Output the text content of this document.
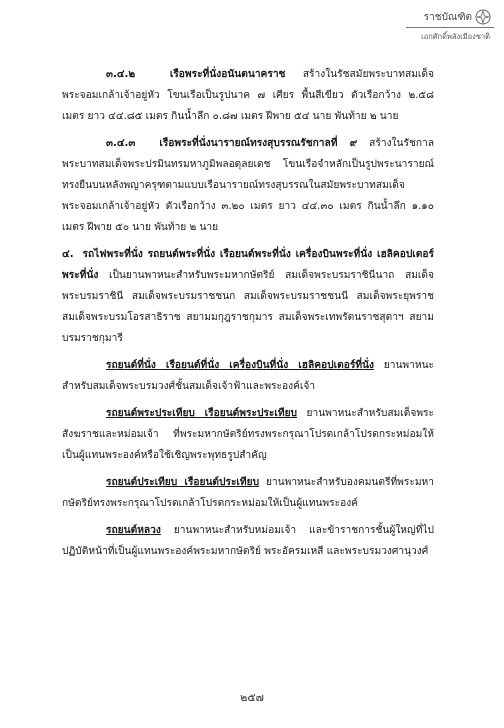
ราชบัณฑิต
เอกศักดิ์พลังเมืองชาติ

๓.๔.๒	เรือพระที่นั่งอนันตนาคราช สร้างในรัชสมัยพระบาทสมเด็จพระจอมเกล้าเจ้าอยู่หัว โขนเรือเป็นรูปนาค ๗ เศียร พื้นสีเขียว ตัวเรือกว้าง ๒.๕๘ เมตร ยาว ๔๔.๘๕ เมตร กินน้ำลึก ๐.๘๗ เมตร ฝีพาย ๕๔ นาย พันท้าย ๒ นาย

๓.๔.๓ เรือพระที่นั่งนารายณ์ทรงสุบรรณรัชกาลที่ ๙ สร้างในรัชกาลพระบาทสมเด็จพระปรมินทรมหาภูมิพลอดุลยเดช โขนเรือจำหลักเป็นรูปพระนารายณ์ทรงยืนบนหลังพญาครุฑตามแบบเรือนารายณ์ทรงสุบรรณในสมัยพระบาทสมเด็จพระจอมเกล้าเจ้าอยู่หัว ตัวเรือกว้าง ๓.๒๐ เมตร ยาว ๔๔.๓๐ เมตร กินน้ำลึก ๑.๑๐ เมตร ฝีพาย ๕๐ นาย พันท้าย ๒ นาย

๔. รถไฟพระที่นั่ง รถยนต์พระที่นั่ง เรือยนต์พระที่นั่ง เครื่องบินพระที่นั่ง เฮลิคอปเตอร์พระที่นั่ง เป็นยานพาหนะสำหรับพระมหากษัตริย์ สมเด็จพระบรมราชินีนาถ สมเด็จพระบรมราชินี สมเด็จพระบรมราชชนก สมเด็จพระบรมราชชนนี สมเด็จพระยุพราช สมเด็จพระบรมโอรสาธิราช สยามมกุฎราชกุมาร สมเด็จพระเทพรัตนราชสุดาฯ สยามบรมราชกุมารี

รถยนต์ที่นั่ง เรือยนต์ที่นั่ง เครื่องบินที่นั่ง เฮลิคอปเตอร์ที่นั่ง ยานพาหนะสำหรับสมเด็จพระบรมวงศ์ชั้นสมเด็จเจ้าฟ้าและพระองค์เจ้า

รถยนต์พระประเทียบ เรือยนต์พระประเทียบ ยานพาหนะสำหรับสมเด็จพระสังฆราชและหม่อมเจ้า ที่พระมหากษัตริย์ทรงพระกรุณาโปรดเกล้าโปรดกระหม่อมให้เป็นผู้แทนพระองค์หรือใช้เชิญพระพุทธรูปสำคัญ

รถยนต์ประเทียบ เรือยนต์ประเทียบ ยานพาหนะสำหรับองคมนตรีที่พระมหากษัตริย์ทรงพระกรุณาโปรดเกล้าโปรดกระหม่อมให้เป็นผู้แทนพระองค์

รถยนต์หลวง ยานพาหนะสำหรับหม่อมเจ้า และข้าราชการชั้นผู้ใหญ่ที่ไปปฏิบัติหน้าที่เป็นผู้แทนพระองค์พระมหากษัตริย์ พระอัครมเหสี และพระบรมวงศานุวงศ์

๒๕๗
